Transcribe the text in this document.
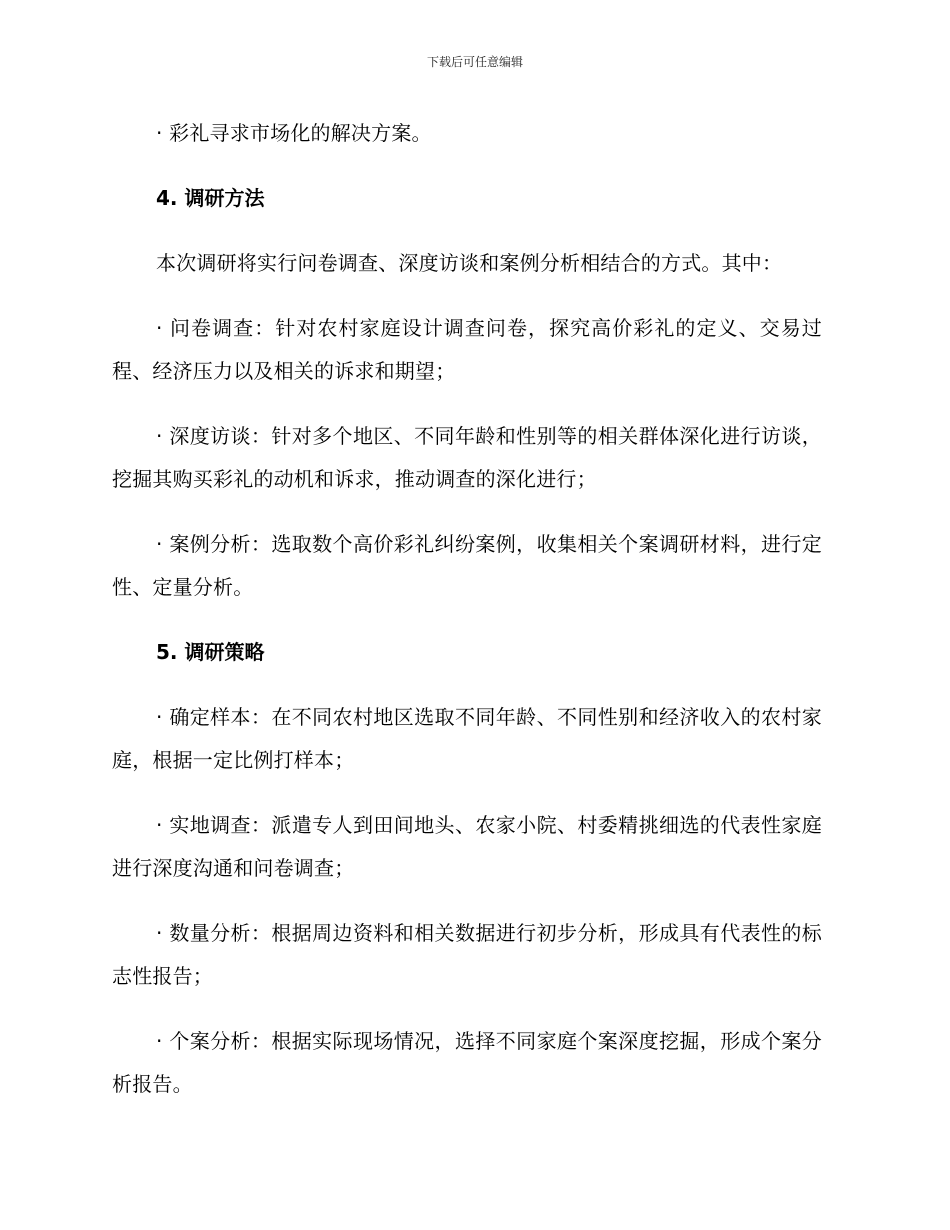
下载后可任意编辑

· 彩礼寻求市场化的解决方案。

4. 调研方法

本次调研将实行问卷调查、深度访谈和案例分析相结合的方式。其中：

· 问卷调查：针对农村家庭设计调查问卷，探究高价彩礼的定义、交易过程、经济压力以及相关的诉求和期望；

· 深度访谈：针对多个地区、不同年龄和性别等的相关群体深化进行访谈，挖掘其购买彩礼的动机和诉求，推动调查的深化进行；

· 案例分析：选取数个高价彩礼纠纷案例，收集相关个案调研材料，进行定性、定量分析。

5. 调研策略

· 确定样本：在不同农村地区选取不同年龄、不同性别和经济收入的农村家庭，根据一定比例打样本；

· 实地调查：派遣专人到田间地头、农家小院、村委精挑细选的代表性家庭进行深度沟通和问卷调查；

· 数量分析：根据周边资料和相关数据进行初步分析，形成具有代表性的标志性报告；

· 个案分析：根据实际现场情况，选择不同家庭个案深度挖掘，形成个案分析报告。
